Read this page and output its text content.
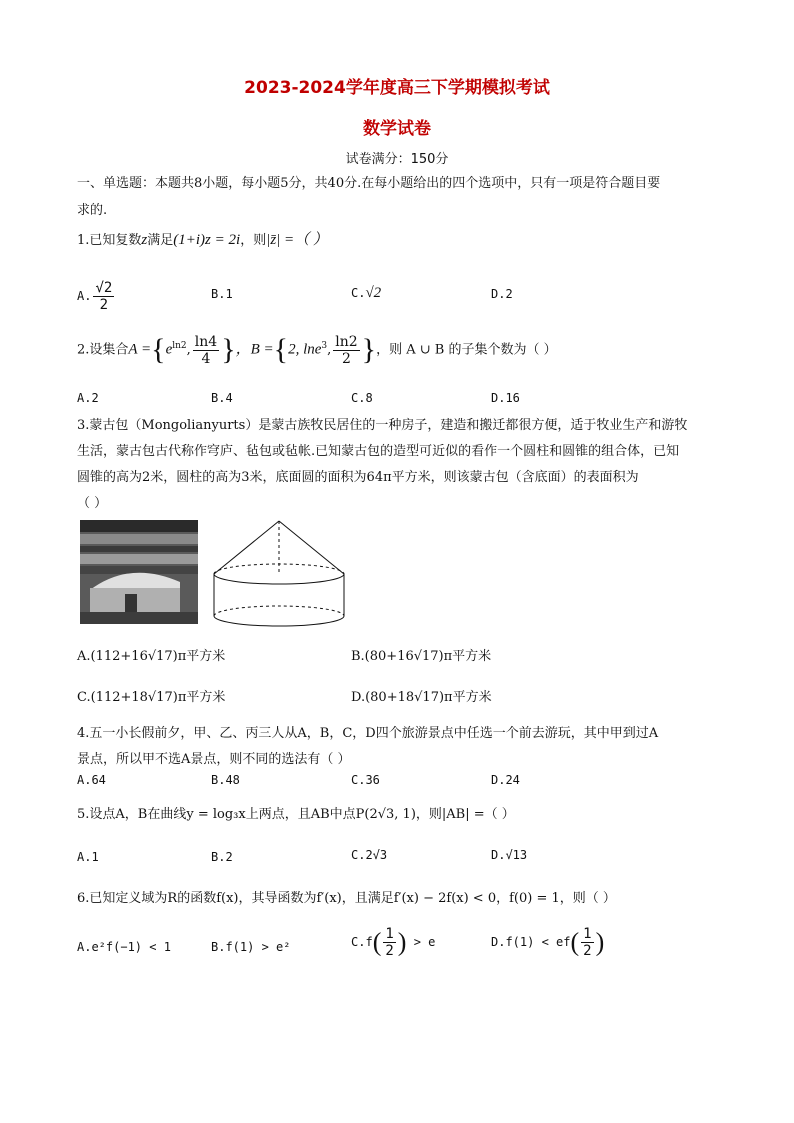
2023-2024学年度高三下学期模拟考试
数学试卷
试卷满分：150分
一、单选题：本题共8小题，每小题5分，共40分.在每小题给出的四个选项中，只有一项是符合题目要
求的.
1.已知复数z满足(1+i)z = 2i，则|z̄| =（ ）
A. $\frac{√2}{2}$	B.1	C.√2	D.2
2.设集合$A =\{e^{ln2}$, $\frac{\ln 4}{4}$ }，B ={2, lne$^3$, $\frac{\ln 2}{2}$ }，则 A ∪ B 的子集个数为（ ）
A.2	B.4	C.8	D.16
3.蒙古包（Mongolianyurts）是蒙古族牧民居住的一种房子，建造和搬迁都很方便，适于牧业生产和游牧
生活，蒙古包古代称作穹庐、毡包或毡帐.已知蒙古包的造型可近似的看作一个圆柱和圆锥的组合体，已知
圆锥的高为2米，圆柱的高为3米，底面圆的面积为64π平方米，则该蒙古包（含底面）的表面积为
（ ）
A.(112+16√17)π平方米	B.(80+16√17)π平方米
C.(112+18√17)π平方米	D.(80+18√17)π平方米
4.五一小长假前夕，甲、乙、丙三人从A，B，C，D四个旅游景点中任选一个前去游玩，其中甲到过A
景点，所以甲不选A景点，则不同的选法有（ ）
A.64	B.48	C.36	D.24
5.设点A，B在曲线y = log₃x上两点，且AB中点P(2√3, 1)，则|AB| =（ ）
A.1	B.2	C.2√3	D.√13
6.已知定义域为R的函数f(x)，其导函数为f′(x)，且满足f′(x) − 2f(x) < 0，f(0) = 1，则（ ）
A.e²f(−1) < 1	B.f(1) > e²	$C.f( \frac{1}{2}$ ) > e	$D.f(1) < ef( \frac{1}{2}$ )
